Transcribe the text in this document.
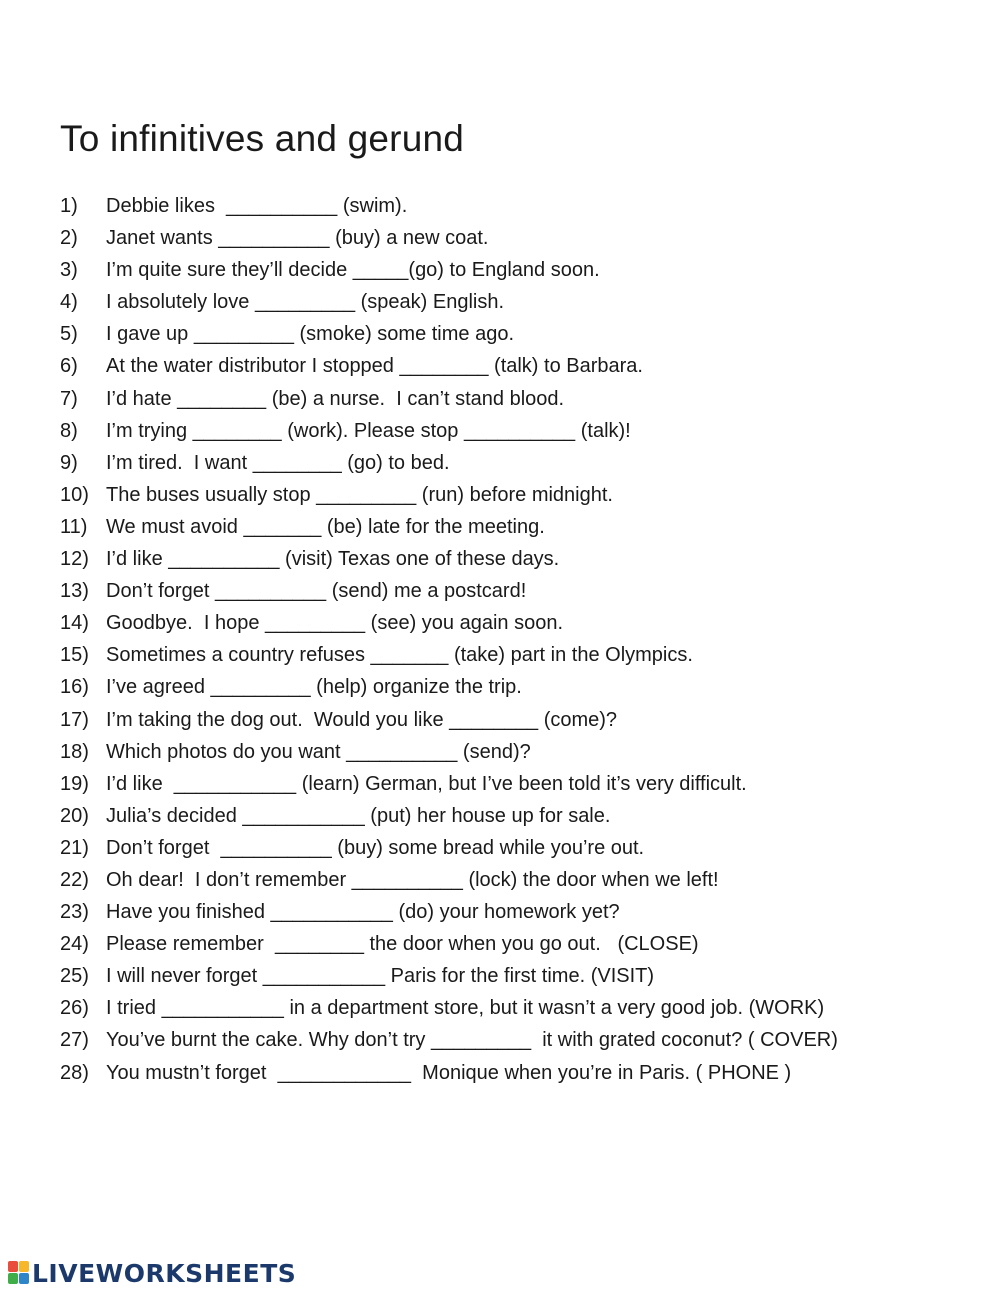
To infinitives and gerund
1)	Debbie likes  __________ (swim).
2)	Janet wants __________ (buy) a new coat.
3)	I’m quite sure they’ll decide _____(go) to England soon.
4)	I absolutely love _________ (speak) English.
5)	I gave up _________ (smoke) some time ago.
6)	At the water distributor I stopped ________ (talk) to Barbara.
7)	I’d hate ________ (be) a nurse.  I can’t stand blood.
8)	I’m trying ________ (work). Please stop __________ (talk)!
9)	I’m tired.  I want ________ (go) to bed.
10) The buses usually stop _________ (run) before midnight.
11) We must avoid _______ (be) late for the meeting.
12) I’d like __________ (visit) Texas one of these days.
13) Don’t forget __________ (send) me a postcard!
14) Goodbye.  I hope _________ (see) you again soon.
15) Sometimes a country refuses _______ (take) part in the Olympics.
16) I’ve agreed _________ (help) organize the trip.
17) I’m taking the dog out.  Would you like ________ (come)?
18) Which photos do you want __________ (send)?
19) I’d like  ___________ (learn) German, but I’ve been told it’s very difficult.
20) Julia’s decided ___________ (put) her house up for sale.
21) Don’t forget  __________ (buy) some bread while you’re out.
22) Oh dear!  I don’t remember __________ (lock) the door when we left!
23) Have you finished ___________ (do) your homework yet?
24) Please remember  ________ the door when you go out.   (CLOSE)
25) I will never forget ___________ Paris for the first time. (VISIT)
26) I tried ___________ in a department store, but it wasn’t a very good job. (WORK)
27) You’ve burnt the cake. Why don’t try _________  it with grated coconut? ( COVER)
28) You mustn’t forget  ____________  Monique when you’re in Paris. ( PHONE )
LIVEWORKSHEETS
